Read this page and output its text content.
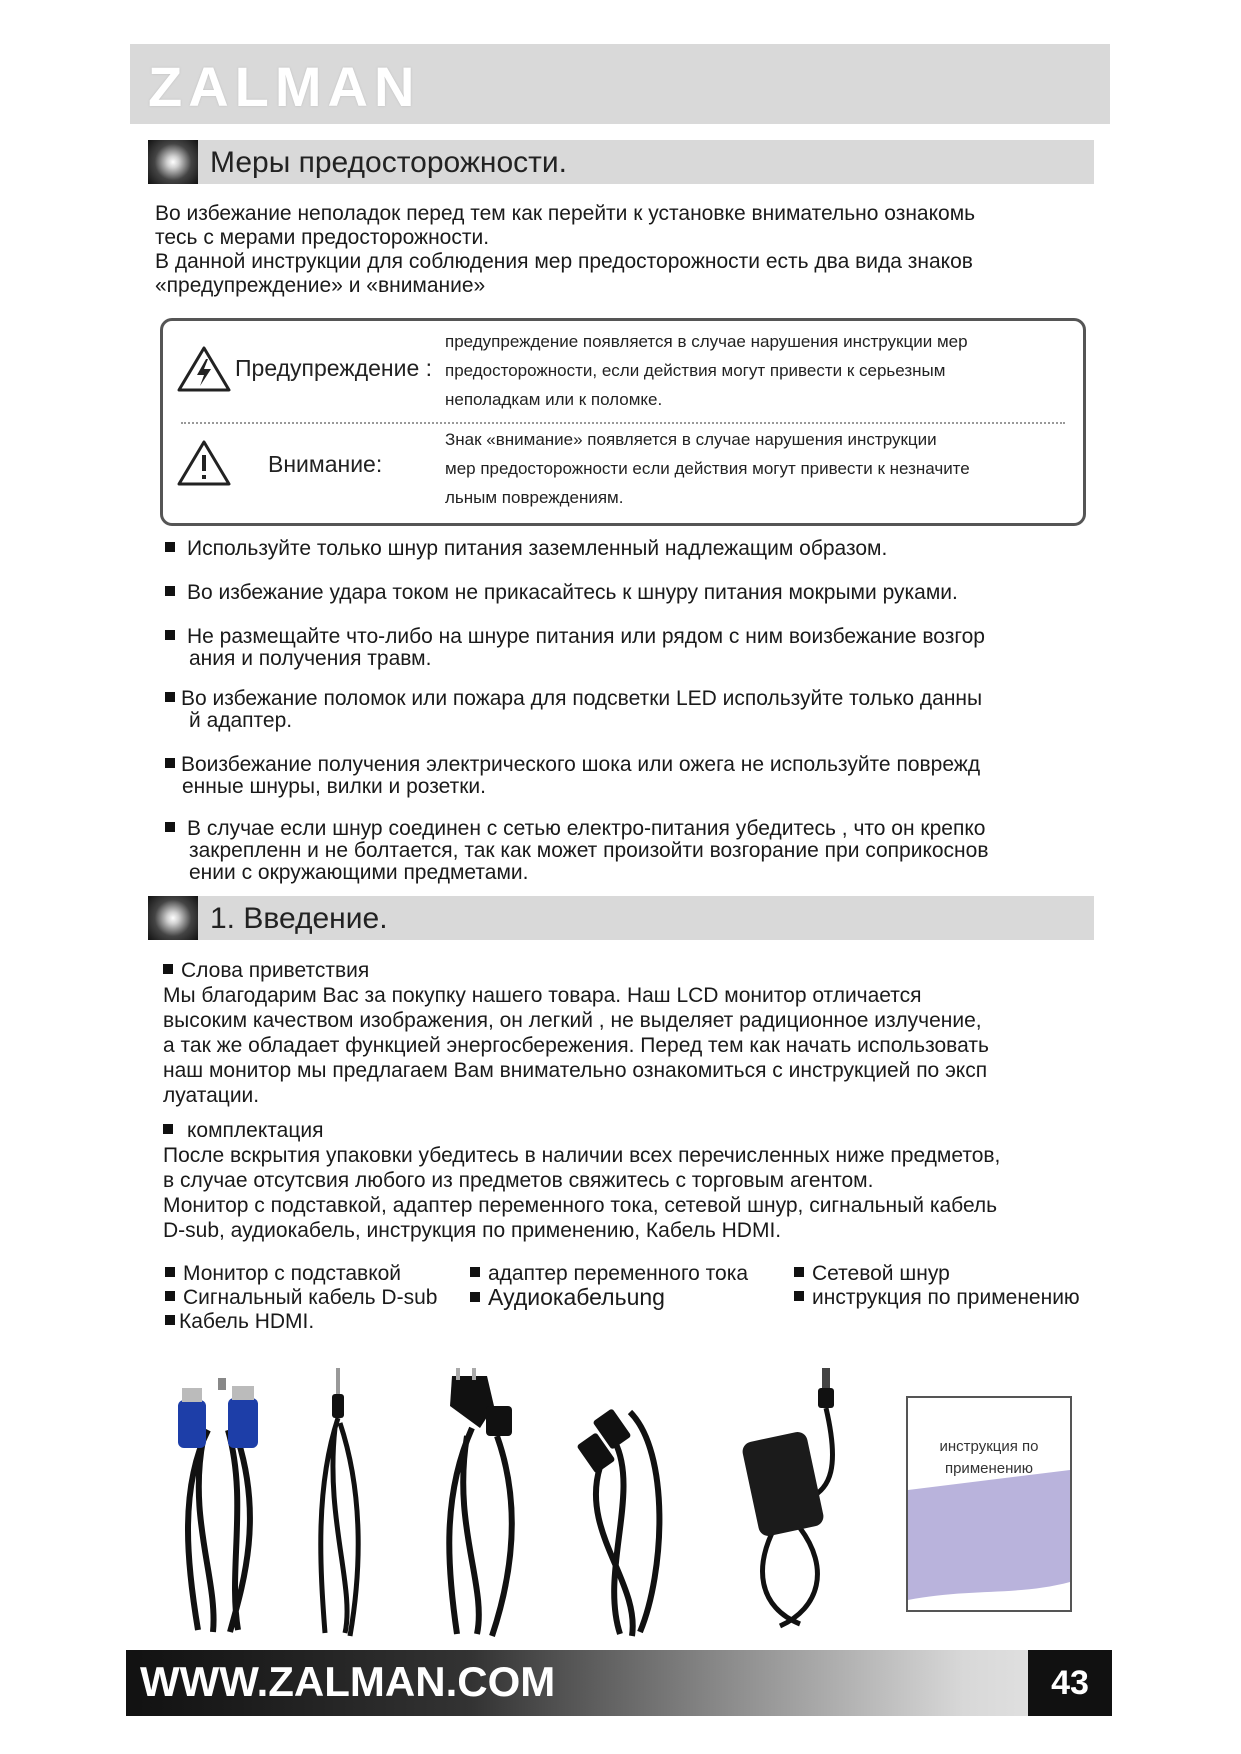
ZALMAN
Меры предосторожности.
Во избежание неполадок перед тем как перейти к установке внимательно ознакомь
тесь с мерами предосторожности.
В данной инструкции для соблюдения мер предосторожности есть два вида знаков
«предупреждение» и «внимание»
Предупреждение :
предупреждение появляется в случае нарушения инструкции мер
предосторожности, если действия могут привести к серьезным
неполадкам или к поломке.
Внимание:
Знак «внимание» появляется в случае нарушения инструкции
мер предосторожности если действия могут привести к незначите
льным повреждениям.
Используйте только шнур питания заземленный надлежащим образом.
Во избежание удара током не прикасайтесь к шнуру питания мокрыми руками.
Не размещайте что-либо на шнуре питания или рядом с ним воизбежание возгор
ания и получения травм.
Во избежание поломок или пожара для подсветки LED используйте только данны
й адаптер.
Воизбежание получения электрического шока или ожега не используйте поврежд
енные шнуры, вилки и розетки.
В случае если шнур соединен с сетью електро-питания убедитесь , что он крепко
закрепленн и не болтается, так как может произойти возгорание при соприкоснов
ении с окружающими предметами.
1. Введение.
Слова приветствия
Мы благодарим Вас за покупку нашего товара. Наш LCD монитор отличается
высоким качеством изображения, он легкий , не выделяет радиционное излучение,
а так же обладает функцией энергосбережения. Перед тем как начать использовать
наш монитор мы предлагаем Вам внимательно ознакомиться с инструкцией по эксп
луатации.
комплектация
После вскрытия упаковки убедитесь в наличии всех перечисленных ниже предметов,
в случае отсутсвия любого из предметов свяжитесь с торговым агентом.
Монитор с подставкой, адаптер переменного тока, сетевой шнур, сигнальный кабель
D-sub, аудиокабель, инструкция по применению, Кабель HDMI.
Монитор с подставкой	адаптер переменного тока	Сетевой шнур
Сигнальный кабель D-sub	Аудиокабельung	инструкция по применению
Кабель HDMI.
инструкция по
применению
WWW.ZALMAN.COM	43
